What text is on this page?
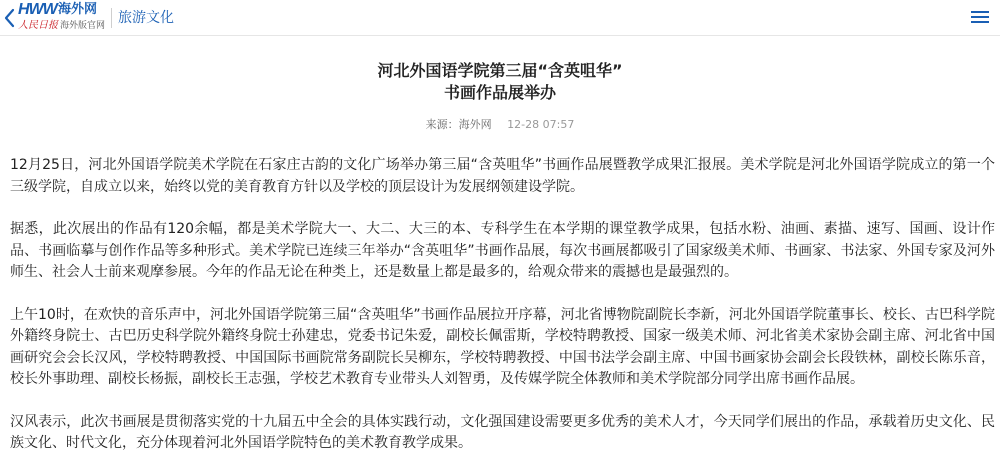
HWW 海外网
人民日报 海外版官网 旅游文化
河北外国语学院第三届“含英咀华”
书画作品展举办
来源：海外网 12-28 07:57

12月25日，河北外国语学院美术学院在石家庄古韵的文化广场举办第三届“含英咀华”书画作品展暨教学成果汇报展。美术学院是河北外国语学院成立的第一个三级学院，自成立以来，始终以党的美育教育方针以及学校的顶层设计为发展纲领建设学院。

据悉，此次展出的作品有120余幅，都是美术学院大一、大二、大三的本、专科学生在本学期的课堂教学成果，包括水粉、油画、素描、速写、国画、设计作品、书画临摹与创作作品等多种形式。美术学院已连续三年举办“含英咀华”书画作品展，每次书画展都吸引了国家级美术师、书画家、书法家、外国专家及河外师生、社会人士前来观摩参展。今年的作品无论在种类上，还是数量上都是最多的，给观众带来的震撼也是最强烈的。

上午10时，在欢快的音乐声中，河北外国语学院第三届“含英咀华”书画作品展拉开序幕，河北省博物院副院长李新，河北外国语学院董事长、校长、古巴科学院外籍终身院士、古巴历史科学院外籍终身院士孙建忠，党委书记朱爱，副校长佩雷斯，学校特聘教授、国家一级美术师、河北省美术家协会副主席、河北省中国画研究会会长汉风，学校特聘教授、中国国际书画院常务副院长吴柳东，学校特聘教授、中国书法学会副主席、中国书画家协会副会长段铁林，副校长陈乐音，校长外事助理、副校长杨振，副校长王志强，学校艺术教育专业带头人刘智勇，及传媒学院全体教师和美术学院部分同学出席书画作品展。

汉风表示，此次书画展是贯彻落实党的十九届五中全会的具体实践行动，文化强国建设需要更多优秀的美术人才，今天同学们展出的作品，承载着历史文化、民族文化、时代文化，充分体现着河北外国语学院特色的美术教育教学成果。
